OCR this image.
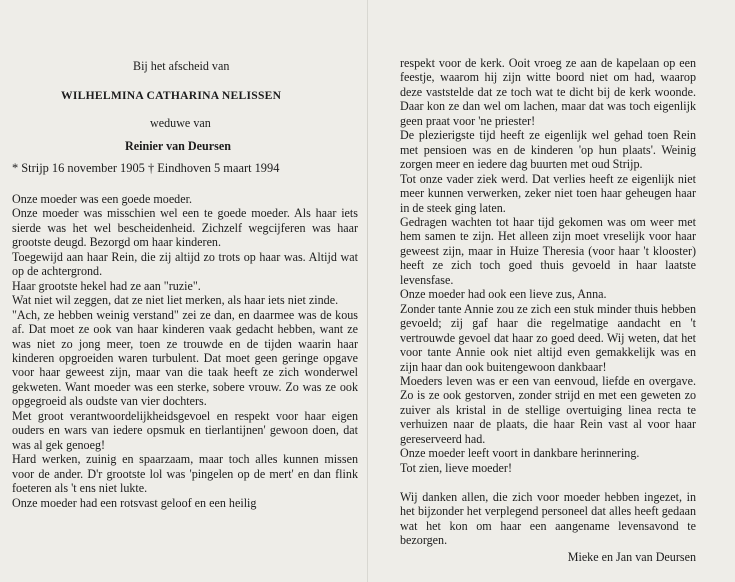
Bij het afscheid van
WILHELMINA CATHARINA NELISSEN
weduwe van
Reinier van Deursen
* Strijp 16 november 1905 † Eindhoven 5 maart 1994

Onze moeder was een goede moeder.

Onze moeder was misschien wel een te goede moeder. Als haar iets sierde was het wel bescheidenheid. Zichzelf wegcijferen was haar grootste deugd. Bezorgd om haar kinderen.

Toegewijd aan haar Rein, die zij altijd zo trots op haar was. Altijd wat op de achtergrond.

Haar grootste hekel had ze aan "ruzie".

Wat niet wil zeggen, dat ze niet liet merken, als haar iets niet zinde.

"Ach, ze hebben weinig verstand" zei ze dan, en daarmee was de kous af. Dat moet ze ook van haar kinderen vaak gedacht hebben, want ze was niet zo jong meer, toen ze trouwde en de tijden waarin haar kinderen opgroeiden waren turbulent. Dat moet geen geringe opgave voor haar geweest zijn, maar van die taak heeft ze zich wonderwel gekweten. Want moeder was een sterke, sobere vrouw. Zo was ze ook opgegroeid als oudste van vier dochters.

Met groot verantwoordelijkheidsgevoel en respekt voor haar eigen ouders en wars van iedere opsmuk en tierlantijnen' gewoon doen, dat was al gek genoeg!

Hard werken, zuinig en spaarzaam, maar toch alles kunnen missen voor de ander. D'r grootste lol was 'pingelen op de mert' en dan flink foeteren als 't ens niet lukte.

Onze moeder had een rotsvast geloof en een heilig

respekt voor de kerk. Ooit vroeg ze aan de kapelaan op een feestje, waarom hij zijn witte boord niet om had, waarop deze vaststelde dat ze toch wat te dicht bij de kerk woonde. Daar kon ze dan wel om lachen, maar dat was toch eigenlijk geen praat voor 'ne priester!

De plezierigste tijd heeft ze eigenlijk wel gehad toen Rein met pensioen was en de kinderen 'op hun plaats'. Weinig zorgen meer en iedere dag buurten met oud Strijp.

Tot onze vader ziek werd. Dat verlies heeft ze eigenlijk niet meer kunnen verwerken, zeker niet toen haar geheugen haar in de steek ging laten.

Gedragen wachten tot haar tijd gekomen was om weer met hem samen te zijn. Het alleen zijn moet vreselijk voor haar geweest zijn, maar in Huize Theresia (voor haar 't klooster) heeft ze zich toch goed thuis gevoeld in haar laatste levensfase.

Onze moeder had ook een lieve zus, Anna.

Zonder tante Annie zou ze zich een stuk minder thuis hebben gevoeld; zij gaf haar die regelmatige aandacht en 't vertrouwde gevoel dat haar zo goed deed. Wij weten, dat het voor tante Annie ook niet altijd even gemakkelijk was en zijn haar dan ook buitengewoon dankbaar!

Moeders leven was er een van eenvoud, liefde en overgave. Zo is ze ook gestorven, zonder strijd en met een geweten zo zuiver als kristal in de stellige overtuiging linea recta te verhuizen naar de plaats, die haar Rein vast al voor haar gereserveerd had.

Onze moeder leeft voort in dankbare herinnering.

Tot zien, lieve moeder!

Wij danken allen, die zich voor moeder hebben ingezet, in het bijzonder het verplegend personeel dat alles heeft gedaan wat het kon om haar een aangename levensavond te bezorgen.

Mieke en Jan van Deursen
